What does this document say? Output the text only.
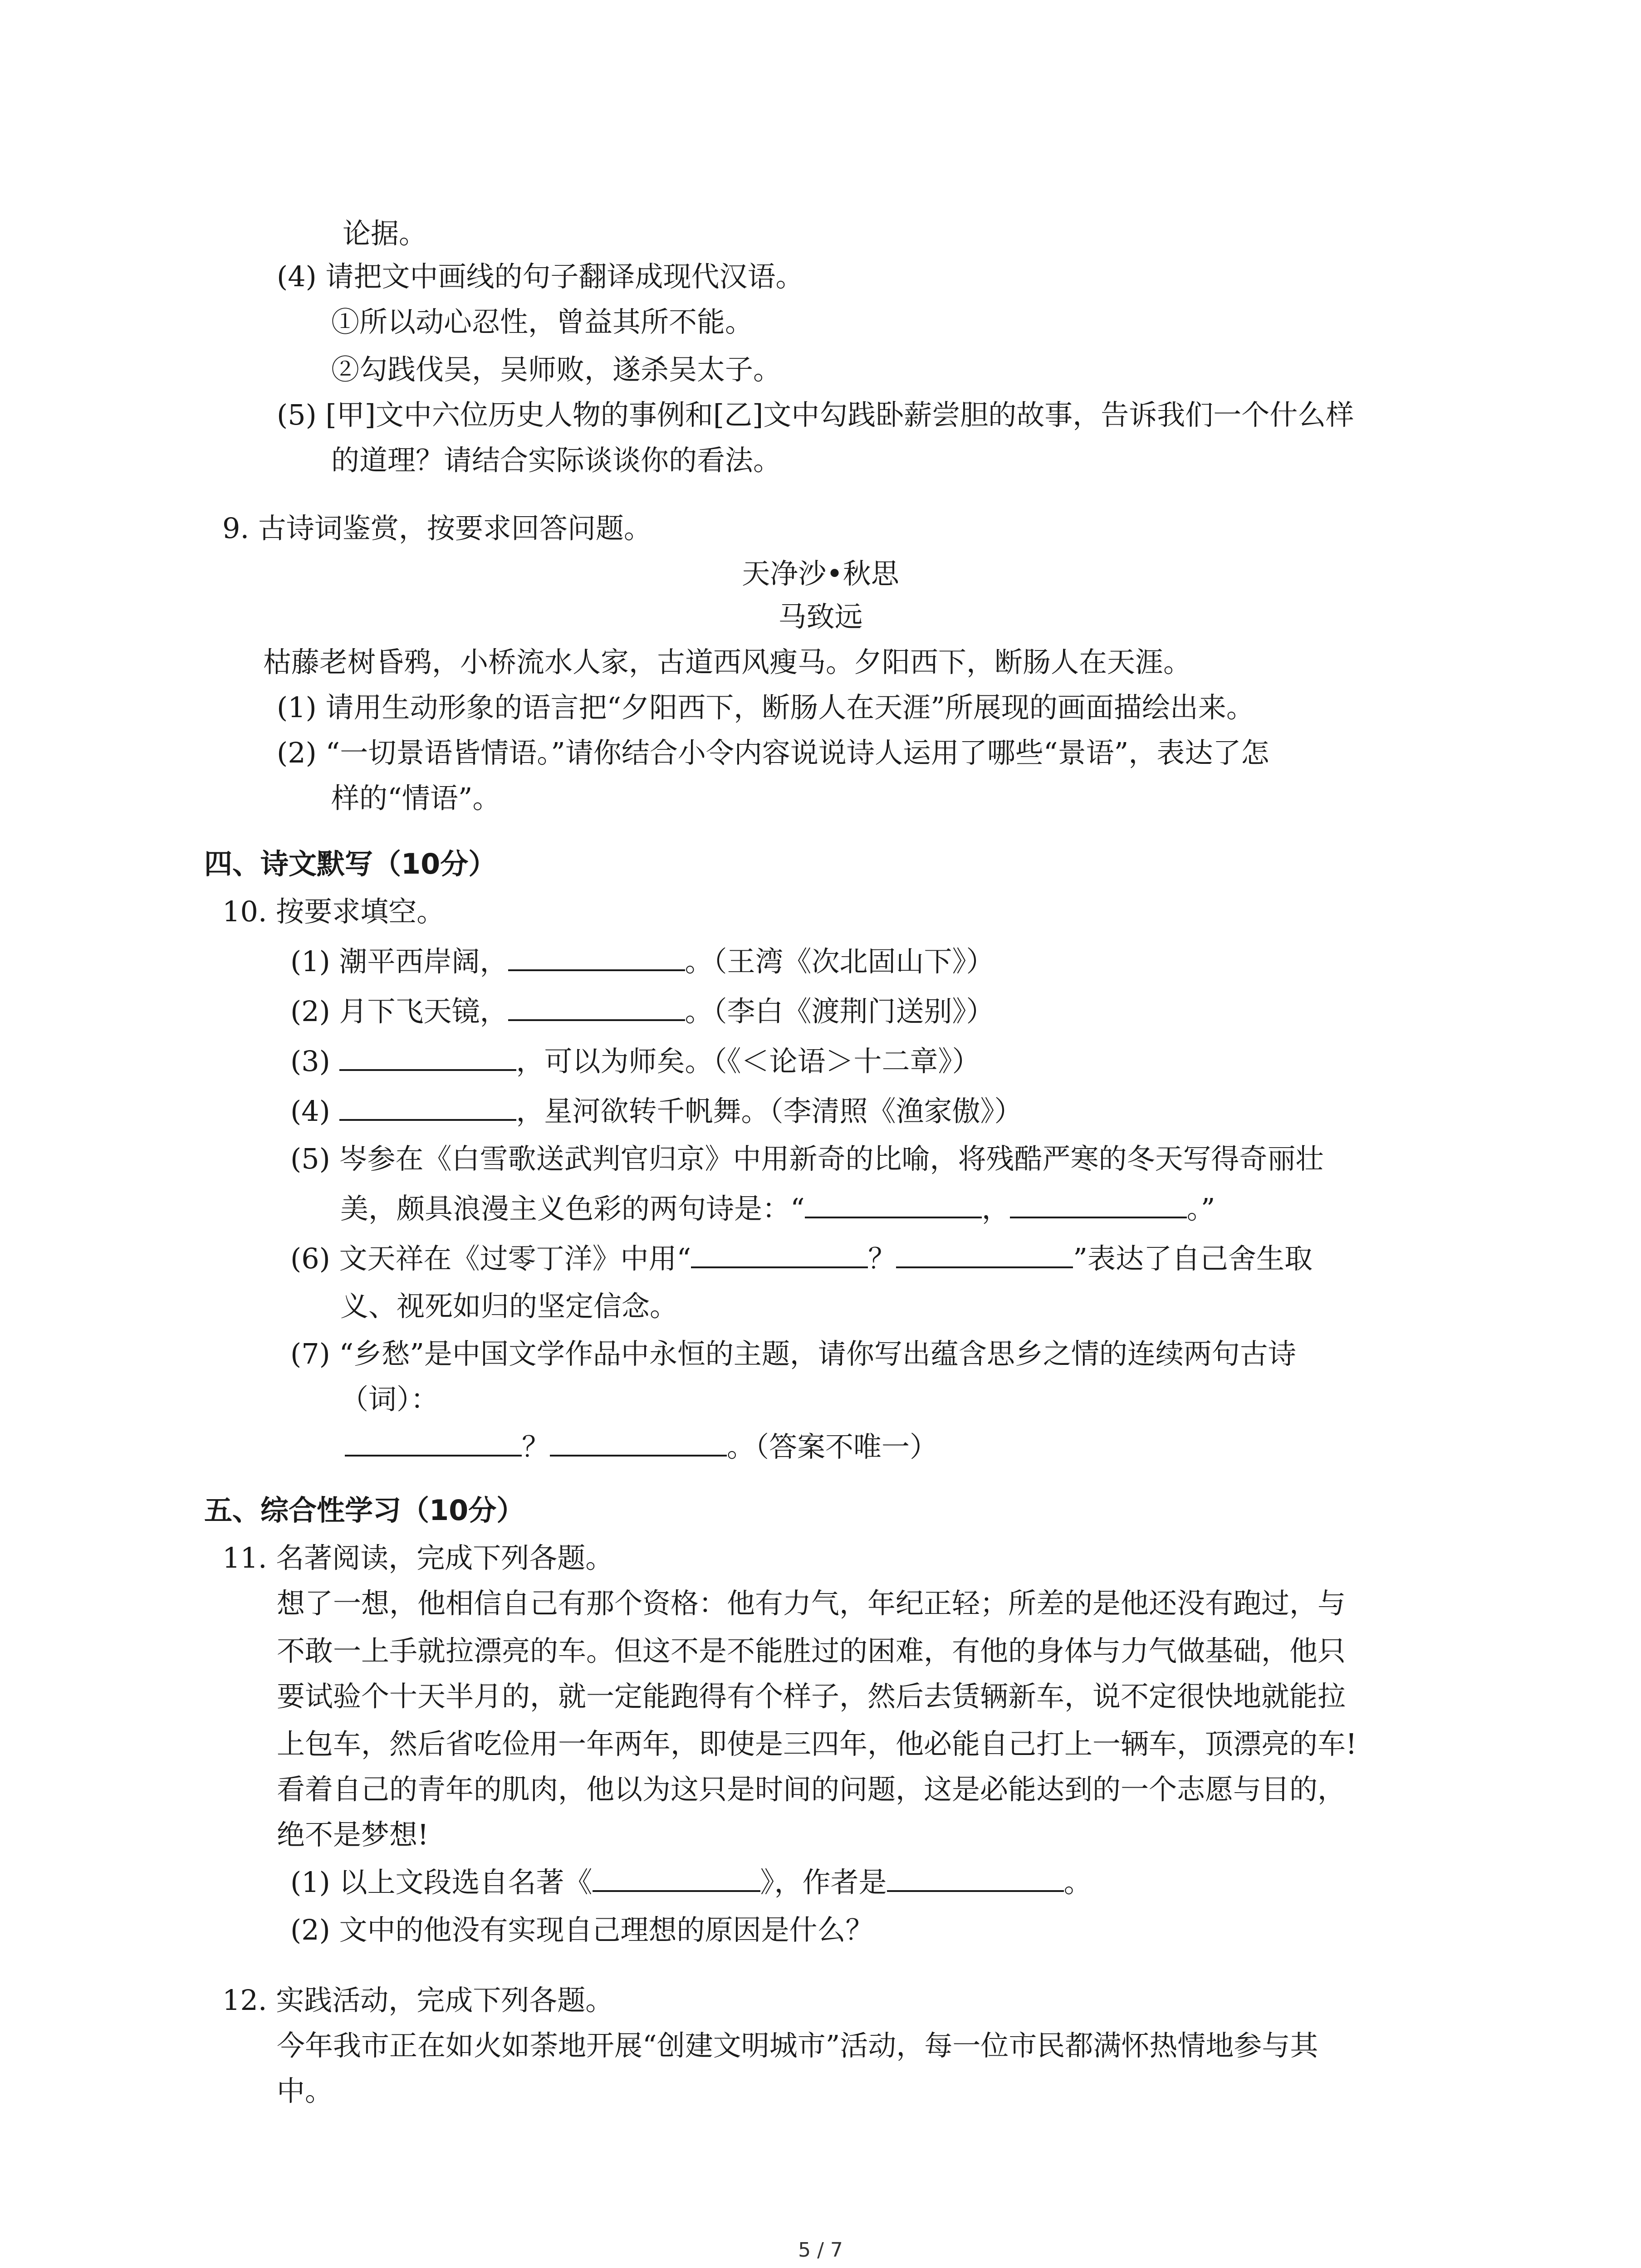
论据。
(4) 请把文中画线的句子翻译成现代汉语。
①所以动心忍性，曾益其所不能。
②勾践伐吴，吴师败，遂杀吴太子。
(5) [甲]文中六位历史人物的事例和[乙]文中勾践卧薪尝胆的故事，告诉我们一个什么样
的道理？请结合实际谈谈你的看法。
9. 古诗词鉴赏，按要求回答问题。
天净沙•秋思
马致远
枯藤老树昏鸦，小桥流水人家，古道西风瘦马。夕阳西下，断肠人在天涯。
(1) 请用生动形象的语言把“夕阳西下，断肠人在天涯”所展现的画面描绘出来。
(2) “一切景语皆情语。”请你结合小令内容说说诗人运用了哪些“景语”，表达了怎
样的“情语”。
四、诗文默写（10分）
10. 按要求填空。
(1) 潮平西岸阔，	。（王湾《次北固山下》）
(2) 月下飞天镜，	。（李白《渡荆门送别》）
(3)	，可以为师矣。（《＜论语＞十二章》）
(4)	，星河欲转千帆舞。（李清照《渔家傲》）
(5) 岑参在《白雪歌送武判官归京》中用新奇的比喻，将残酷严寒的冬天写得奇丽壮
美，颇具浪漫主义色彩的两句诗是：“	，	。”
(6) 文天祥在《过零丁洋》中用“	？	”表达了自己舍生取
义、视死如归的坚定信念。
(7) “乡愁”是中国文学作品中永恒的主题，请你写出蕴含思乡之情的连续两句古诗
（词）：
？	。（答案不唯一）
五、综合性学习（10分）
11. 名著阅读，完成下列各题。
想了一想，他相信自己有那个资格：他有力气，年纪正轻；所差的是他还没有跑过，与
不敢一上手就拉漂亮的车。但这不是不能胜过的困难，有他的身体与力气做基础，他只
要试验个十天半月的，就一定能跑得有个样子，然后去赁辆新车，说不定很快地就能拉
上包车，然后省吃俭用一年两年，即使是三四年，他必能自己打上一辆车，顶漂亮的车!
看着自己的青年的肌肉，他以为这只是时间的问题，这是必能达到的一个志愿与目的，
绝不是梦想!
(1) 以上文段选自名著《	》，作者是	。
(2) 文中的他没有实现自己理想的原因是什么？
12. 实践活动，完成下列各题。
今年我市正在如火如荼地开展“创建文明城市”活动，每一位市民都满怀热情地参与其
中。
5 / 7
